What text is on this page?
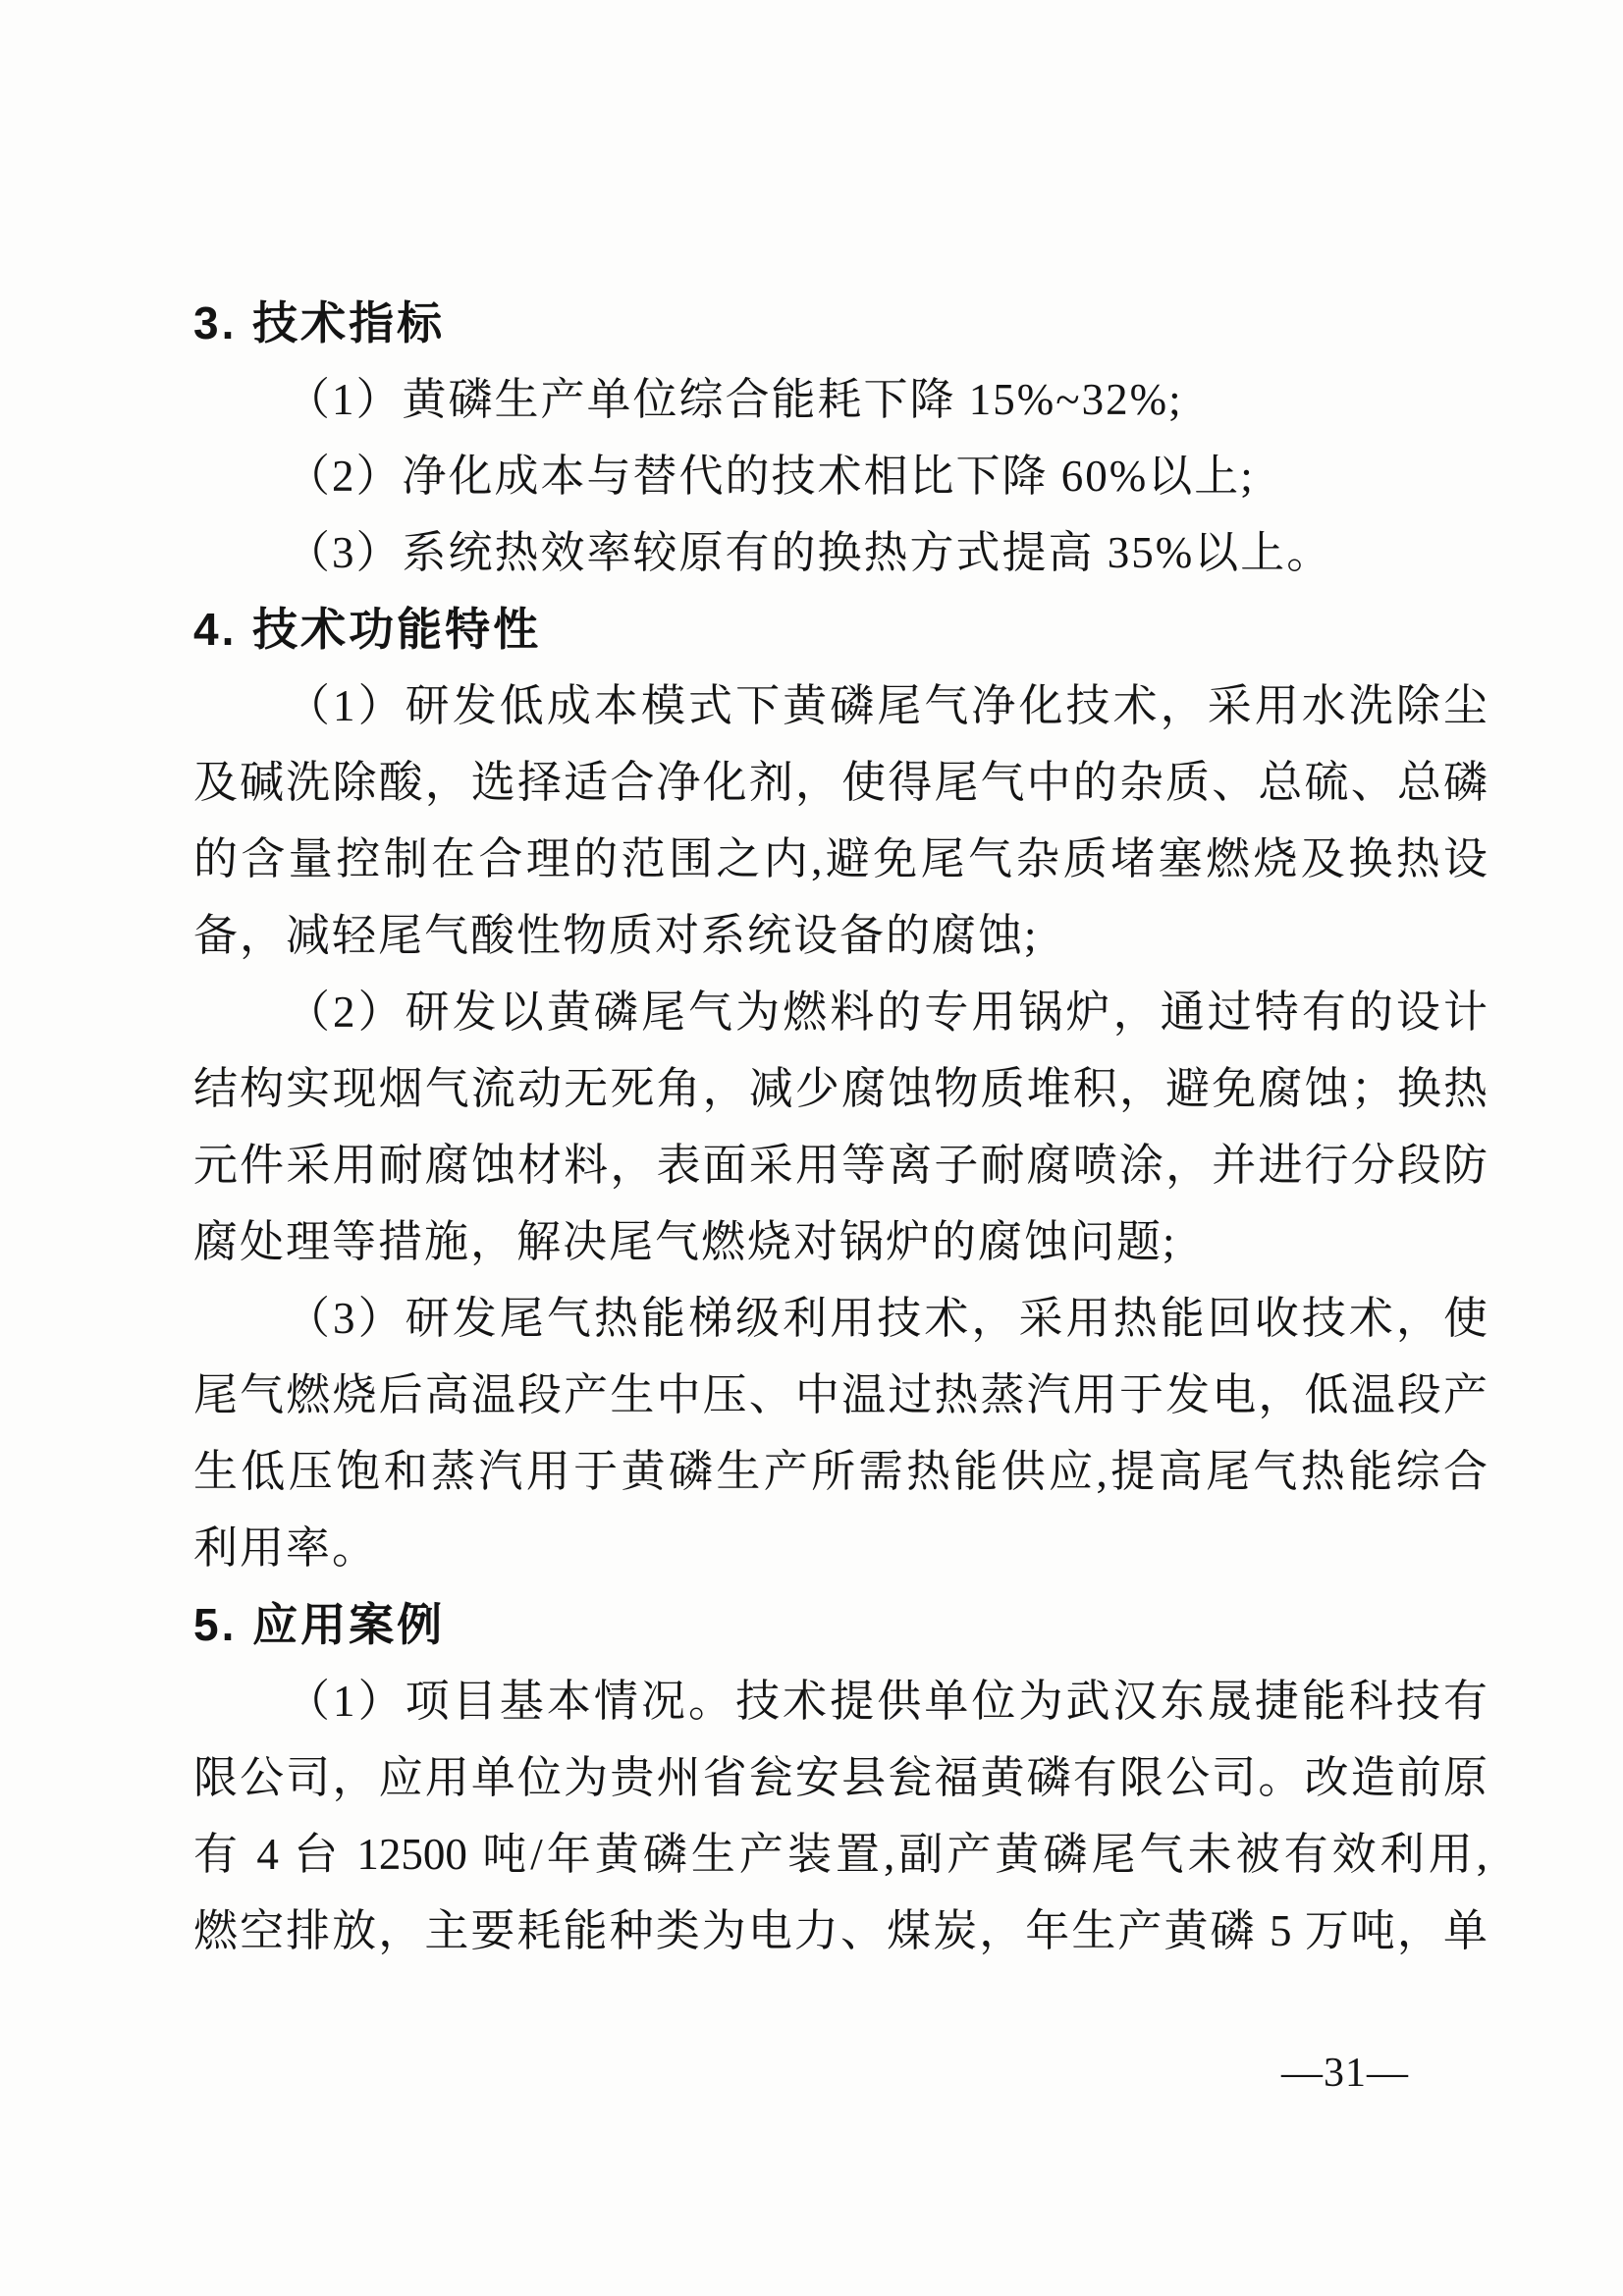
3. 技术指标
（1）黄磷生产单位综合能耗下降 15%~32%;
（2）净化成本与替代的技术相比下降 60%以上;
（3）系统热效率较原有的换热方式提高 35%以上。
4. 技术功能特性
（1）研发低成本模式下黄磷尾气净化技术，采用水洗除尘
及碱洗除酸，选择适合净化剂，使得尾气中的杂质、总硫、总磷
的含量控制在合理的范围之内,避免尾气杂质堵塞燃烧及换热设
备，减轻尾气酸性物质对系统设备的腐蚀;
（2）研发以黄磷尾气为燃料的专用锅炉，通过特有的设计
结构实现烟气流动无死角，减少腐蚀物质堆积，避免腐蚀；换热
元件采用耐腐蚀材料，表面采用等离子耐腐喷涂，并进行分段防
腐处理等措施，解决尾气燃烧对锅炉的腐蚀问题;
（3）研发尾气热能梯级利用技术，采用热能回收技术，使
尾气燃烧后高温段产生中压、中温过热蒸汽用于发电，低温段产
生低压饱和蒸汽用于黄磷生产所需热能供应,提高尾气热能综合
利用率。
5. 应用案例
（1）项目基本情况。技术提供单位为武汉东晟捷能科技有
限公司，应用单位为贵州省瓮安县瓮福黄磷有限公司。改造前原
有 4 台 12500 吨/年黄磷生产装置,副产黄磷尾气未被有效利用,
燃空排放，主要耗能种类为电力、煤炭，年生产黄磷 5 万吨，单
—31—
